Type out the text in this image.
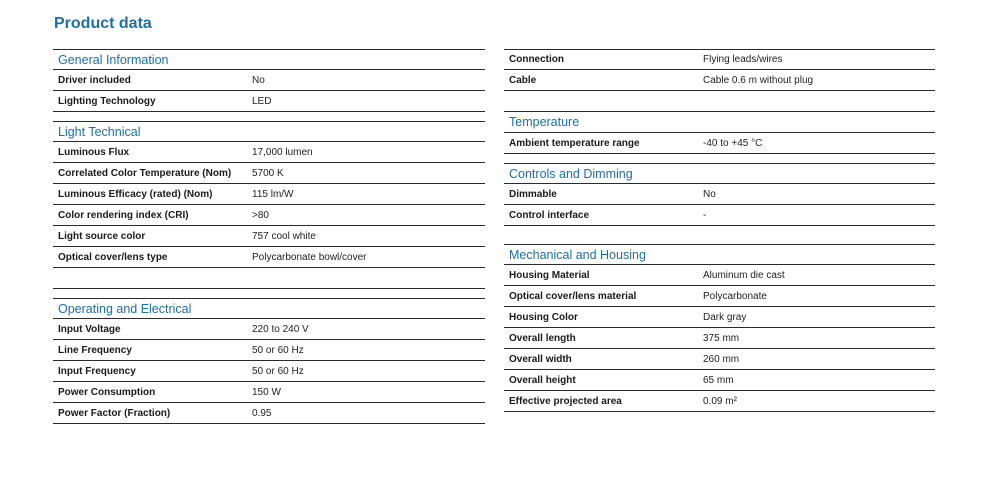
Product data
General Information
Driver included	No
Lighting Technology	LED
Light Technical
Luminous Flux	17,000 lumen
Correlated Color Temperature (Nom)	5700 K
Luminous Efficacy (rated) (Nom)	115 lm/W
Color rendering index (CRI)	>80
Light source color	757 cool white
Optical cover/lens type	Polycarbonate bowl/cover
Operating and Electrical
Input Voltage	220 to 240 V
Line Frequency	50 or 60 Hz
Input Frequency	50 or 60 Hz
Power Consumption	150 W
Power Factor (Fraction)	0.95
Connection	Flying leads/wires
Cable	Cable 0.6 m without plug
Temperature
Ambient temperature range	-40 to +45 °C
Controls and Dimming
Dimmable	No
Control interface	-
Mechanical and Housing
Housing Material	Aluminum die cast
Optical cover/lens material	Polycarbonate
Housing Color	Dark gray
Overall length	375 mm
Overall width	260 mm
Overall height	65 mm
Effective projected area	0.09 m²
